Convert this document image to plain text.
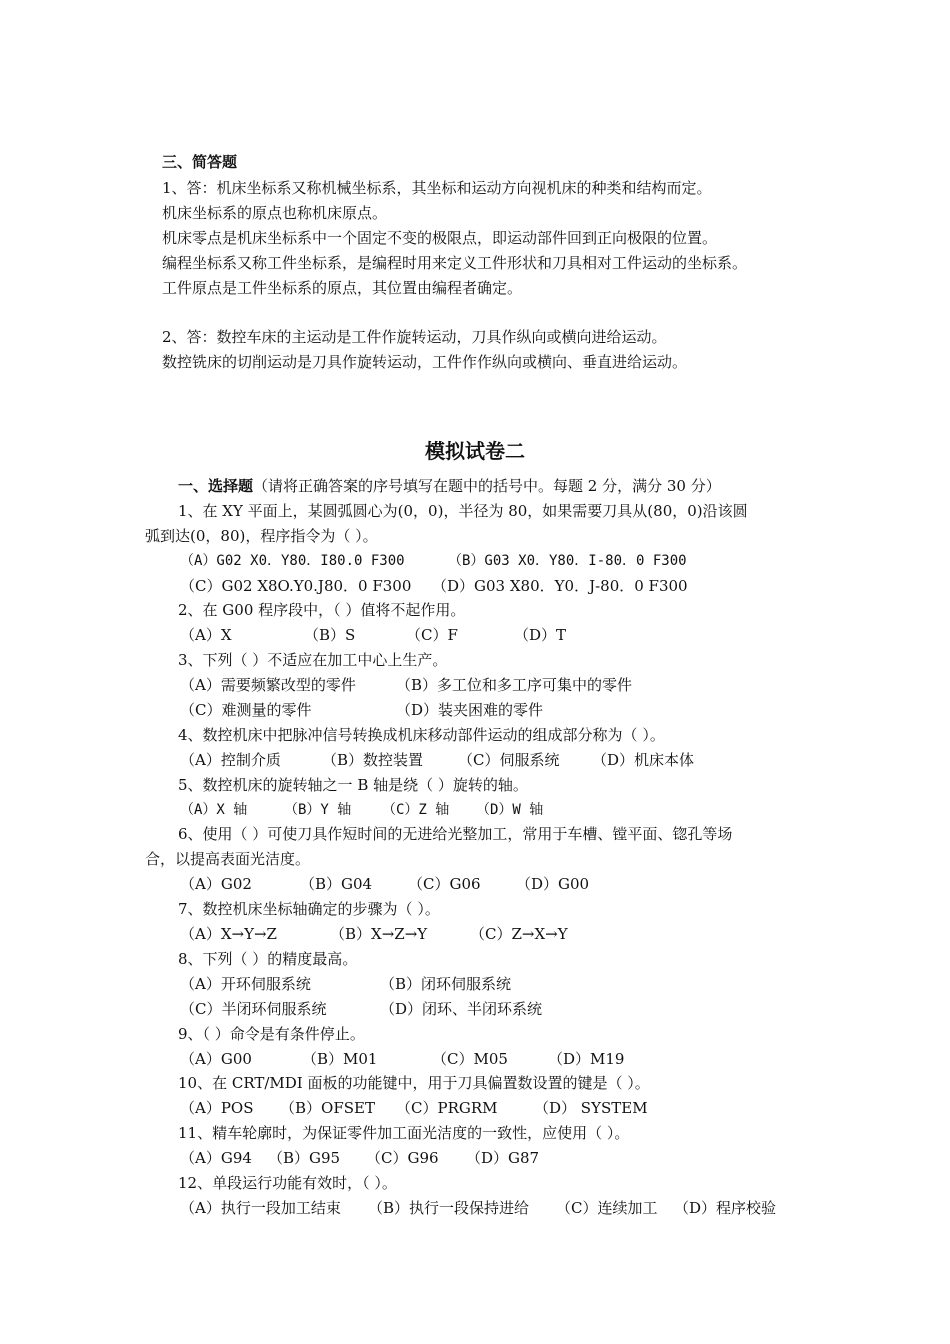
三、简答题
1、答：机床坐标系又称机械坐标系，其坐标和运动方向视机床的种类和结构而定。
机床坐标系的原点也称机床原点。
机床零点是机床坐标系中一个固定不变的极限点，即运动部件回到正向极限的位置。
编程坐标系又称工件坐标系，是编程时用来定义工件形状和刀具相对工件运动的坐标系。
工件原点是工件坐标系的原点，其位置由编程者确定。
2、答：数控车床的主运动是工件作旋转运动，刀具作纵向或横向进给运动。
数控铣床的切削运动是刀具作旋转运动，工件作作纵向或横向、垂直进给运动。
模拟试卷二
一、选择题（请将正确答案的序号填写在题中的括号中。每题 2 分，满分 30 分）
1、在 XY 平面上，某圆弧圆心为(0，0)，半径为 80，如果需要刀具从(80，0)沿该圆
弧到达(0，80)，程序指令为（ ）。
（A）G02 X0．Y80．I80.0 F300	（B）G03 X0．Y80．I-80．0 F300
（C）G02 X8O.Y0.J80．0 F300 （D）G03 X80．Y0．J-80．0 F300
2、在 G00 程序段中，（ ）值将不起作用。
（A）X	（B）S	（C）F	（D）T
3、下列（ ）不适应在加工中心上生产。
（A）需要频繁改型的零件	（B）多工位和多工序可集中的零件
（C）难测量的零件	（D）装夹困难的零件
4、数控机床中把脉冲信号转换成机床移动部件运动的组成部分称为（ ）。
（A）控制介质	（B）数控装置 （C）伺服系统 （D）机床本体
5、数控机床的旋转轴之一 B 轴是绕（ ）旋转的轴。
（A）X 轴	（B）Y 轴 （C）Z 轴 （D）W 轴
6、使用（ ）可使刀具作短时间的无进给光整加工，常用于车槽、镗平面、锪孔等场
合，以提高表面光洁度。
（A）G02	（B）G04 （C）G06 （D）G00
7、数控机床坐标轴确定的步骤为（ ）。
（A）X→Y→Z	（B）X→Z→Y	（C）Z→X→Y
8、下列（ ）的精度最高。
（A）开环伺服系统	（B）闭环伺服系统
（C）半闭环伺服系统	（D）闭环、半闭环系统
9、（ ）命令是有条件停止。
（A）G00	（B）M01	（C）M05	（D）M19
10、在 CRT/MDI 面板的功能键中，用于刀具偏置数设置的键是（ ）。
（A）POS （B）OFSET （C）PRGRM （D） SYSTEM
11、精车轮廓时，为保证零件加工面光洁度的一致性，应使用（ ）。
（A）G94 （B）G95 （C）G96 （D）G87
12、单段运行功能有效时，（ ）。
（A）执行一段加工结束 （B）执行一段保持进给 （C）连续加工 （D）程序校验
